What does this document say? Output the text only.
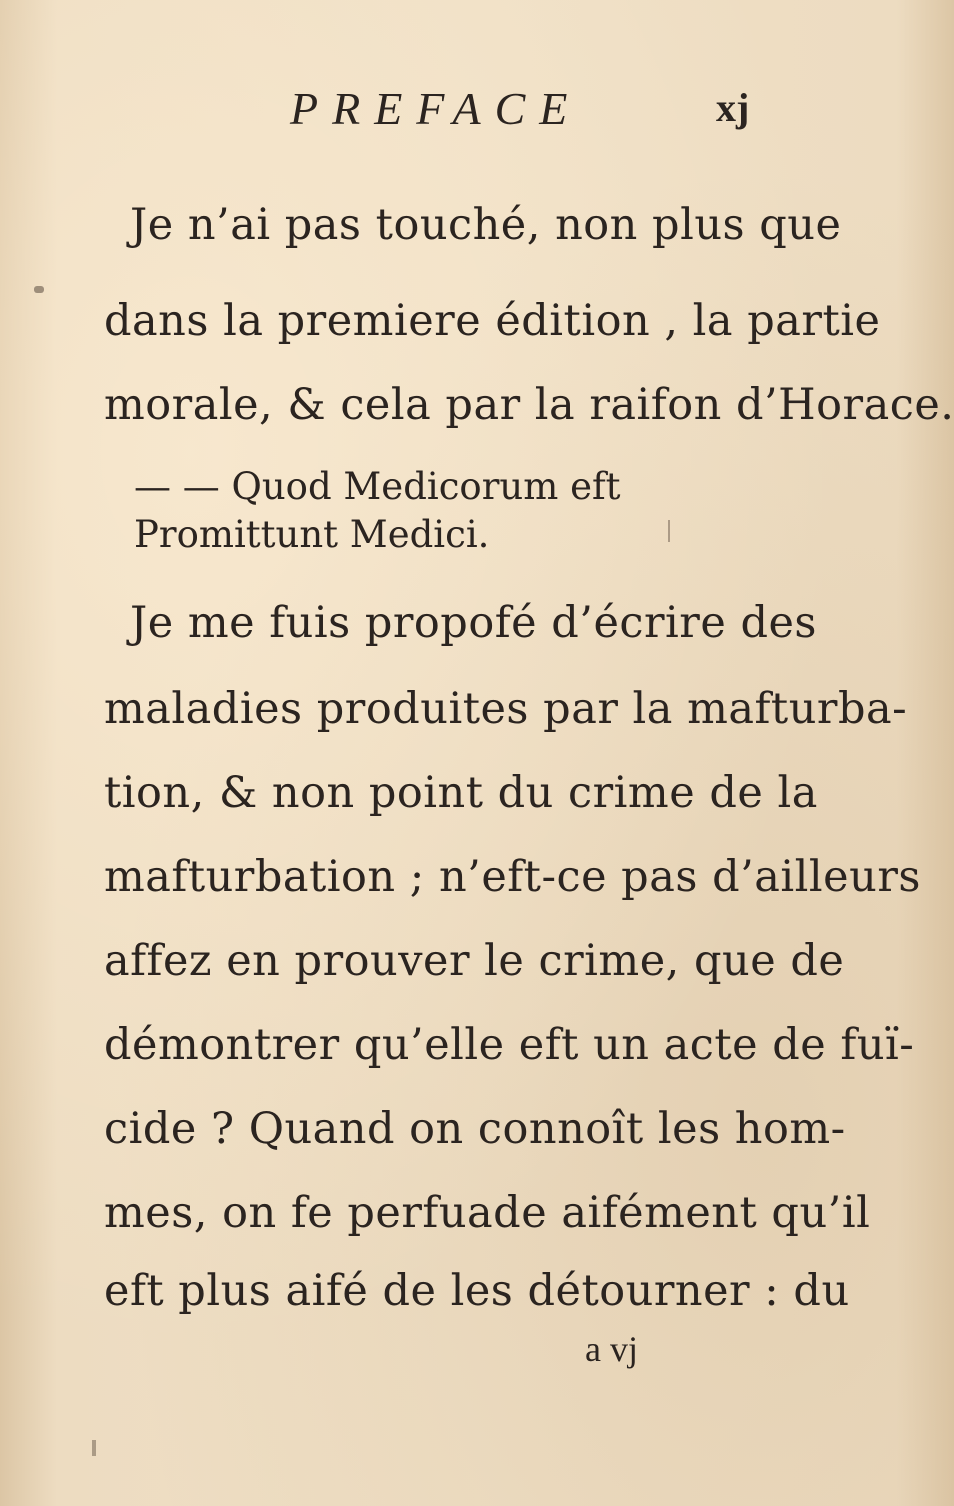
PREFACE	xj
Je n’ai pas touché, non plus que
dans la premiere édition , la partie
morale, & cela par la raifon d’Horace.
— — Quod Medicorum eft
Promittunt Medici.
Je me fuis propofé d’écrire des
maladies produites par la mafturba-
tion, & non point du crime de la
mafturbation ; n’eft-ce pas d’ailleurs
affez en prouver le crime, que de
démontrer qu’elle eft un acte de fuï-
cide ? Quand on connoît les hom-
mes, on fe perfuade aifément qu’il
eft plus aifé de les détourner : du
a vj
